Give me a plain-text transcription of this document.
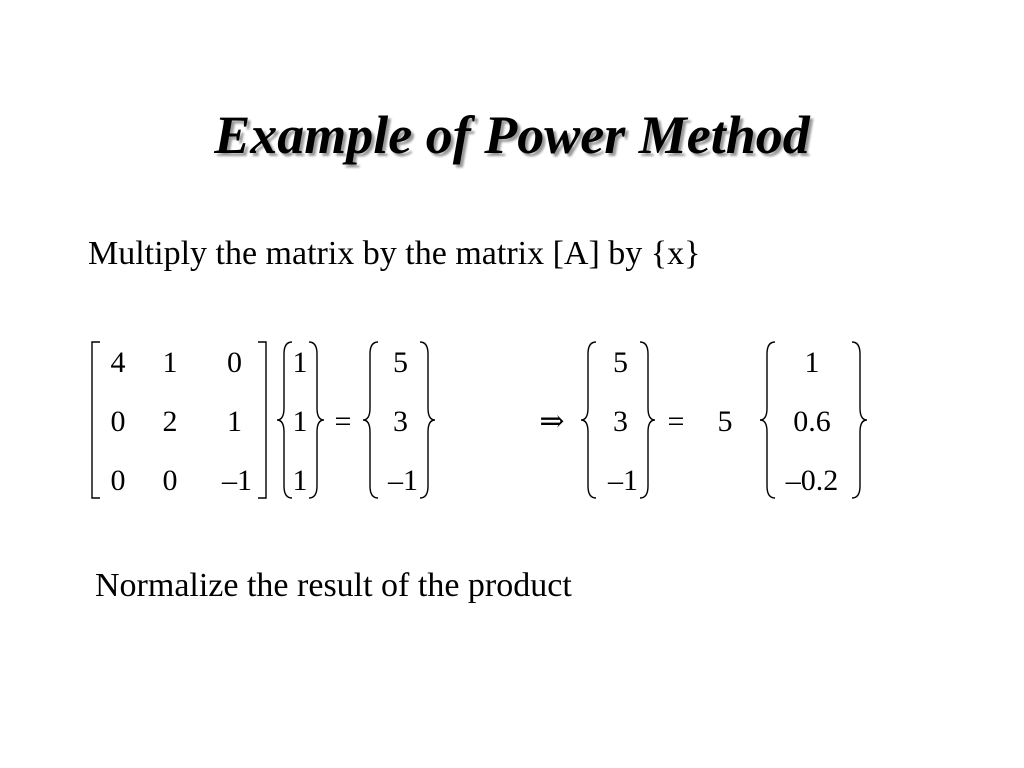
Example of Power Method
Multiply the matrix by the matrix [A] by {x}
4 1 0
0 2 1
0 0 –1
1
1
1
=
5
3
–1
⇒
5
3
–1
= 5
1
0.6
–0.2
Normalize the result of the product
